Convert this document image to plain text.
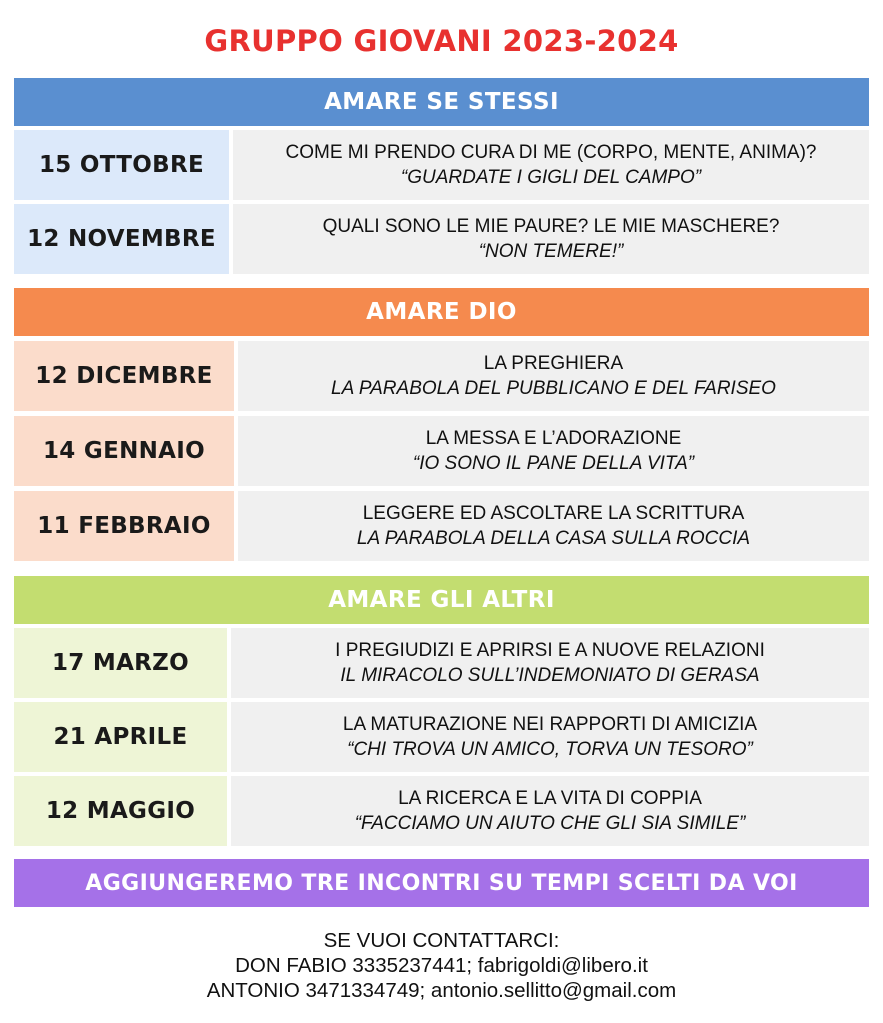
GRUPPO GIOVANI 2023-2024
AMARE SE STESSI
15 OTTOBRE	COME MI PRENDO CURA DI ME (CORPO, MENTE, ANIMA)?
“GUARDATE I GIGLI DEL CAMPO”
12 NOVEMBRE	QUALI SONO LE MIE PAURE? LE MIE MASCHERE?
“NON TEMERE!”
AMARE DIO
12 DICEMBRE	LA PREGHIERA
LA PARABOLA DEL PUBBLICANO E DEL FARISEO
14 GENNAIO	LA MESSA E L’ADORAZIONE
“IO SONO IL PANE DELLA VITA”
11 FEBBRAIO	LEGGERE ED ASCOLTARE LA SCRITTURA
LA PARABOLA DELLA CASA SULLA ROCCIA
AMARE GLI ALTRI
17 MARZO	I PREGIUDIZI E APRIRSI E A NUOVE RELAZIONI
IL MIRACOLO SULL’INDEMONIATO DI GERASA
21 APRILE	LA MATURAZIONE NEI RAPPORTI DI AMICIZIA
“CHI TROVA UN AMICO, TORVA UN TESORO”
12 MAGGIO	LA RICERCA E LA VITA DI COPPIA
“FACCIAMO UN AIUTO CHE GLI SIA SIMILE”
AGGIUNGEREMO TRE INCONTRI SU TEMPI SCELTI DA VOI
SE VUOI CONTATTARCI:
DON FABIO 3335237441; fabrigoldi@libero.it
ANTONIO 3471334749; antonio.sellitto@gmail.com
